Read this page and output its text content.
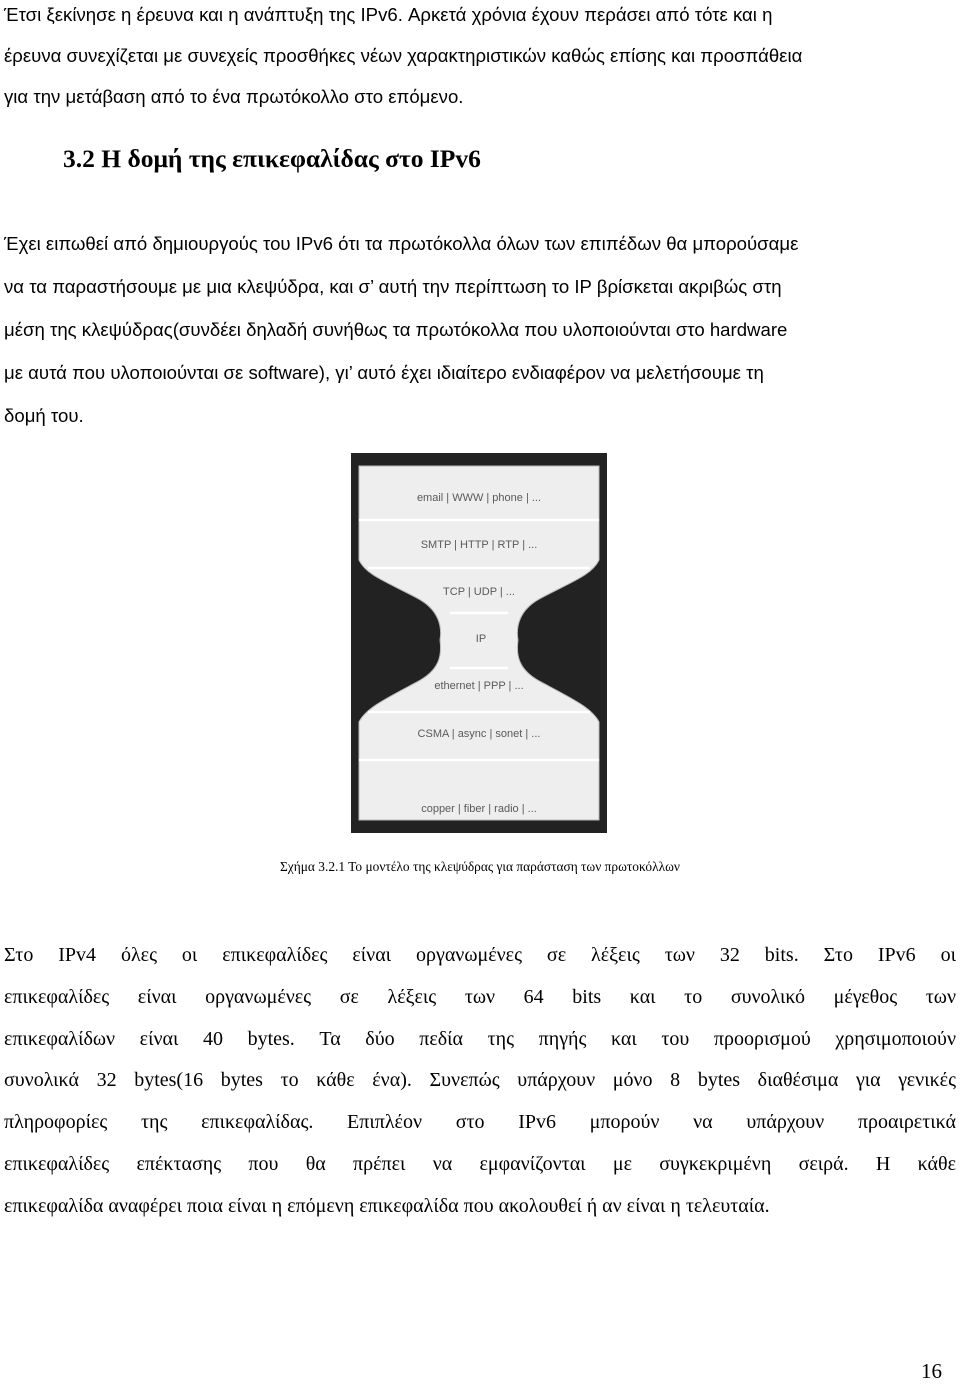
Έτσι ξεκίνησε η έρευνα και η ανάπτυξη της IPv6. Αρκετά χρόνια έχουν περάσει από τότε και η
έρευνα συνεχίζεται με συνεχείς προσθήκες νέων χαρακτηριστικών καθώς επίσης και προσπάθεια
για την μετάβαση από το ένα πρωτόκολλο στο επόμενο.
3.2 Η δομή της επικεφαλίδας στο IPv6
Έχει ειπωθεί από δημιουργούς του IPv6 ότι τα πρωτόκολλα όλων των επιπέδων θα μπορούσαμε
να τα παραστήσουμε με μια κλεψύδρα, και σ’ αυτή την περίπτωση το IP βρίσκεται ακριβώς στη
μέση της κλεψύδρας(συνδέει δηλαδή συνήθως τα πρωτόκολλα που υλοποιούνται στο hardware
με αυτά που υλοποιούνται σε software), γι’ αυτό έχει ιδιαίτερο ενδιαφέρον να μελετήσουμε τη
δομή του.
email | WWW | phone | ...
SMTP | HTTP | RTP | ...
TCP | UDP | ...
IP
ethernet | PPP | ...
CSMA | async | sonet | ...
copper | fiber | radio | ...

Σχήμα 3.2.1 Το μοντέλο της κλεψύδρας για παράσταση των πρωτοκόλλων

Στο IPv4 όλες οι επικεφαλίδες είναι οργανωμένες σε λέξεις των 32 bits. Στο IPv6 οι
επικεφαλίδες είναι οργανωμένες σε λέξεις των 64 bits και το συνολικό μέγεθος των
επικεφαλίδων είναι 40 bytes. Τα δύο πεδία της πηγής και του προορισμού χρησιμοποιούν
συνολικά 32 bytes(16 bytes το κάθε ένα). Συνεπώς υπάρχουν μόνο 8 bytes διαθέσιμα για γενικές
πληροφορίες της επικεφαλίδας. Επιπλέον στο IPv6 μπορούν να υπάρχουν προαιρετικά
επικεφαλίδες επέκτασης που θα πρέπει να εμφανίζονται με συγκεκριμένη σειρά. Η κάθε
επικεφαλίδα αναφέρει ποια είναι η επόμενη επικεφαλίδα που ακολουθεί ή αν είναι η τελευταία.
16
